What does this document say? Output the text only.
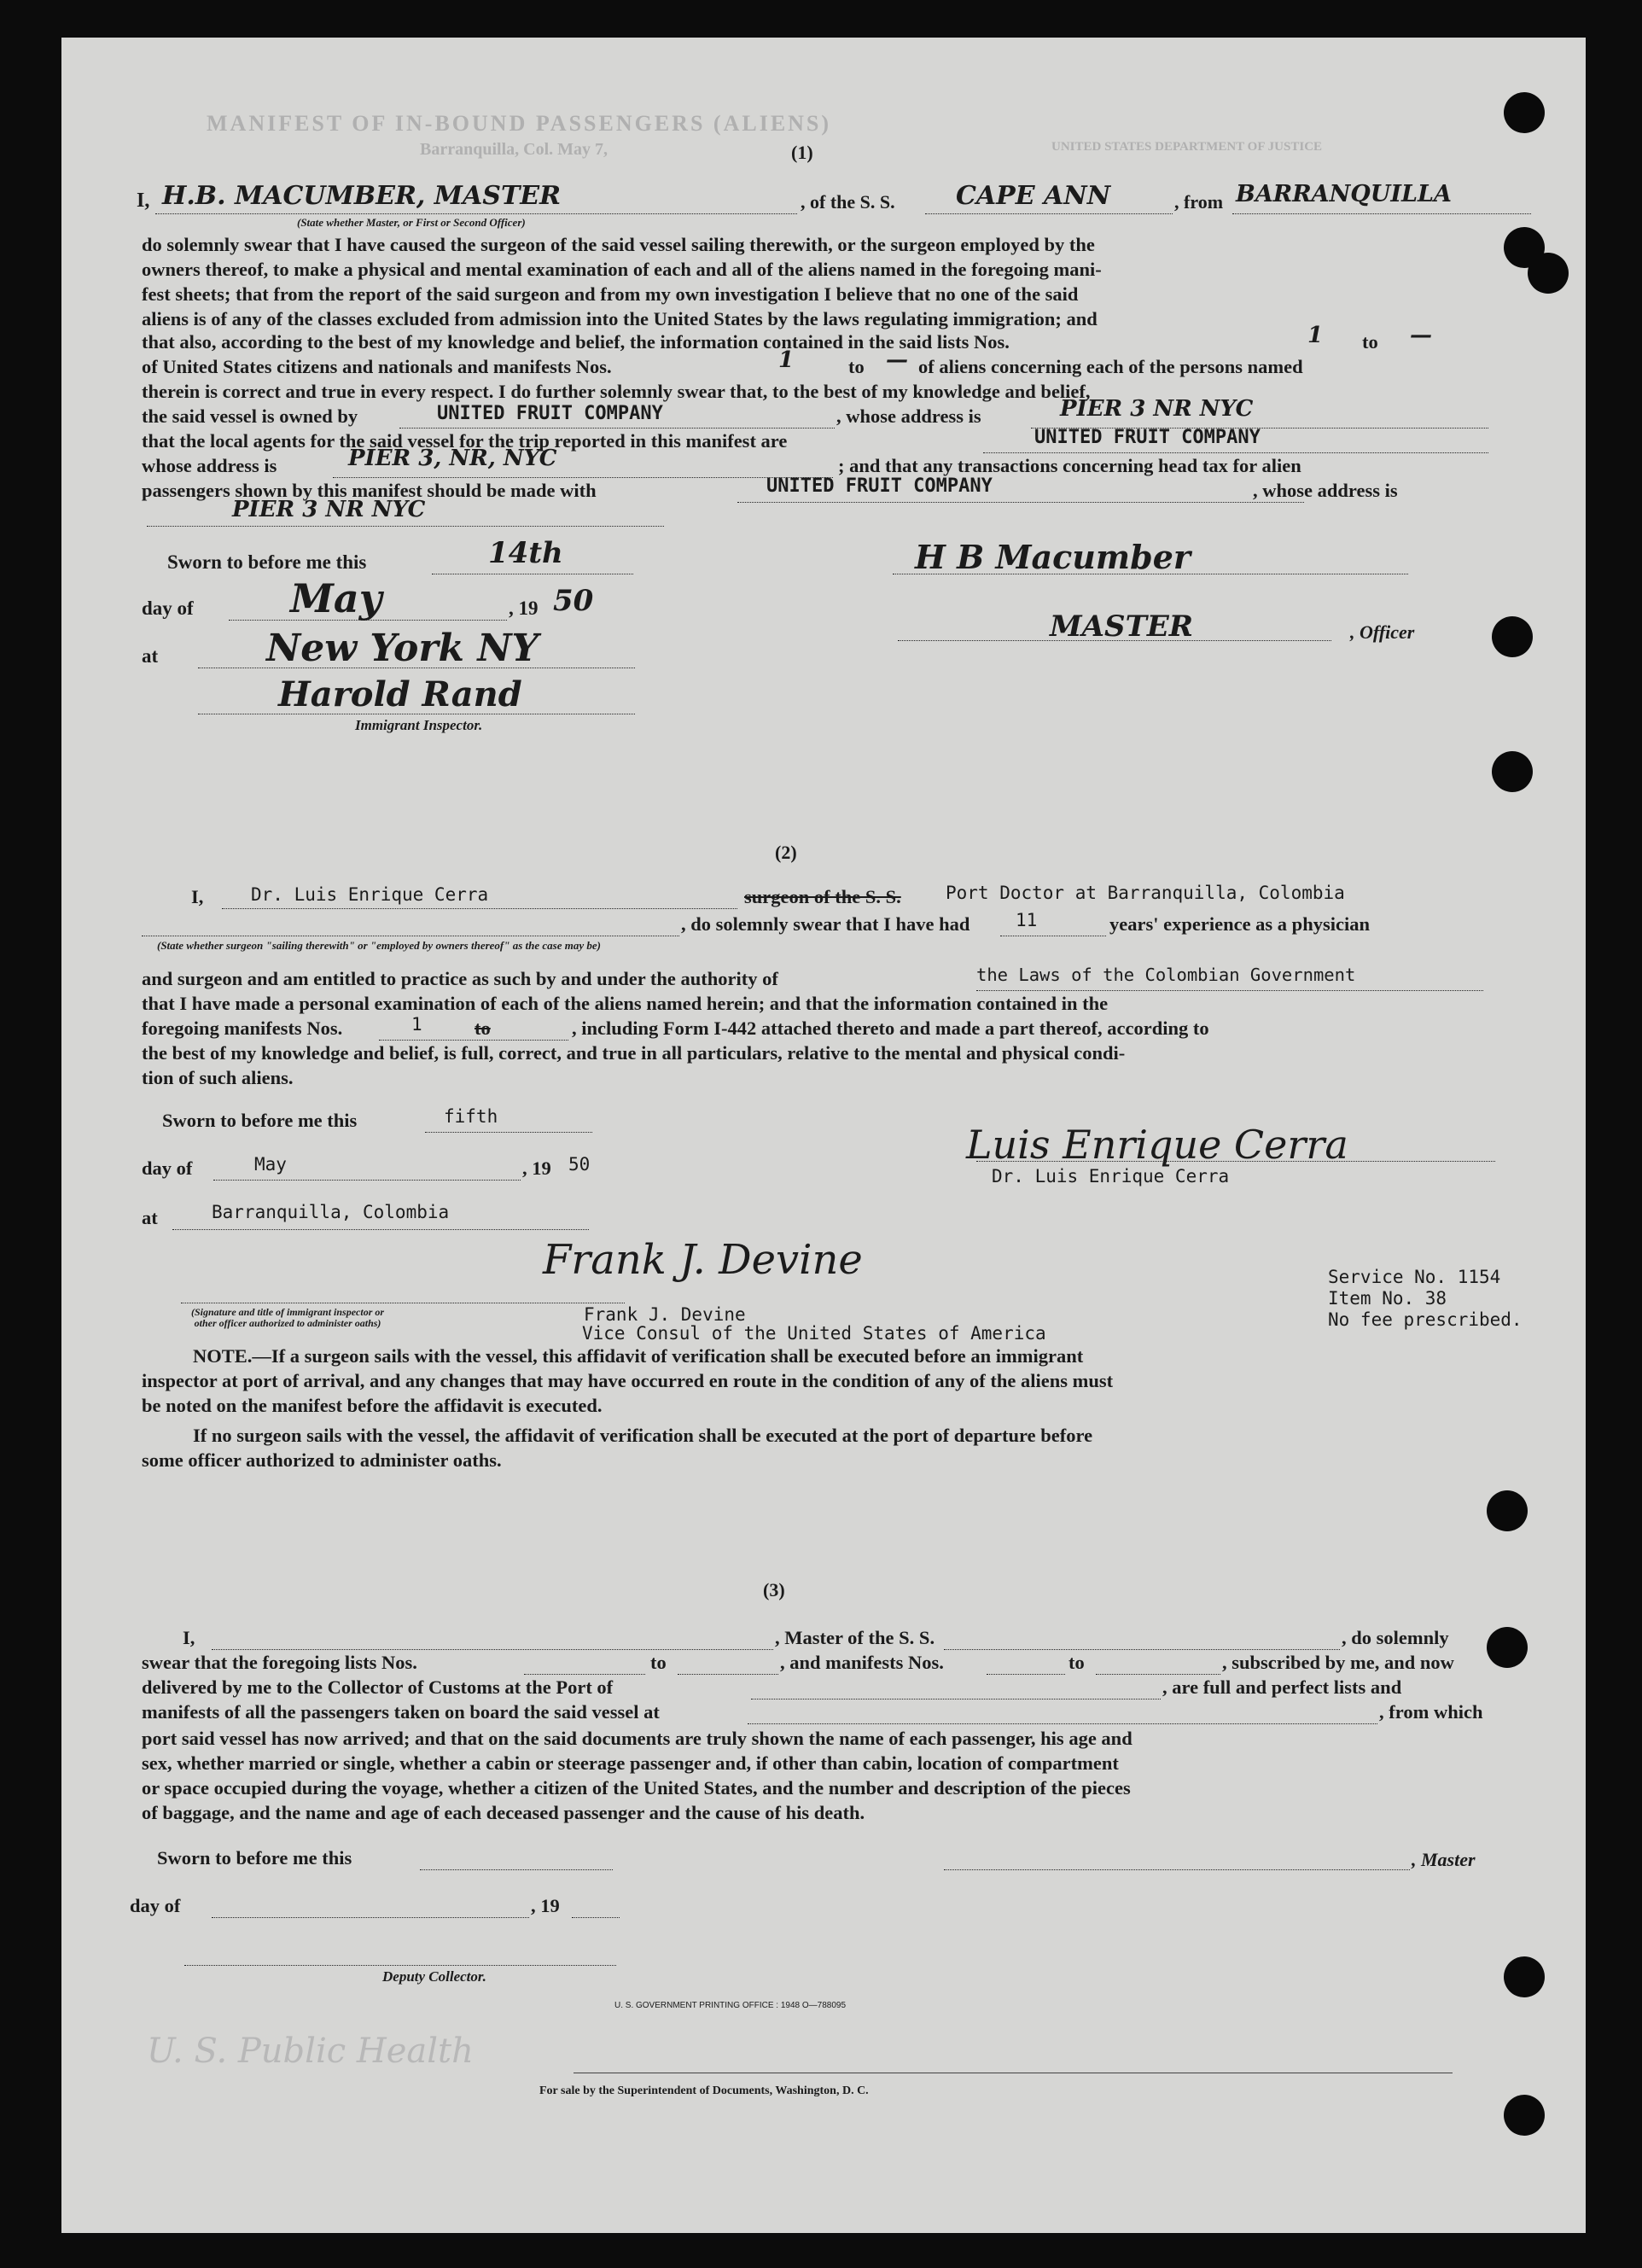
MANIFEST OF IN-BOUND PASSENGERS (ALIENS)
Barranquilla, Col. May 7,	UNITED STATES DEPARTMENT OF JUSTICE
(1)
I, H.B. MACUMBER, MASTER	, of the S. S. CAPE ANN	, from BARRANQUILLA
(State whether Master, or First or Second Officer)
do solemnly swear that I have caused the surgeon of the said vessel sailing therewith, or the surgeon employed by the
owners thereof, to make a physical and mental examination of each and all of the aliens named in the foregoing mani-
fest sheets; that from the report of the said surgeon and from my own investigation I believe that no one of the said
aliens is of any of the classes excluded from admission into the United States by the laws regulating immigration; and
that also, according to the best of my knowledge and belief, the information contained in the said lists Nos.	1 to —
of United States citizens and nationals and manifests Nos.	1	to — of aliens concerning each of the persons named
therein is correct and true in every respect. I do further solemnly swear that, to the best of my knowledge and belief,
the said vessel is owned by	UNITED FRUIT COMPANY	, whose address is	PIER 3 NR NYC
that the local agents for the said vessel for the trip reported in this manifest are	UNITED FRUIT COMPANY
whose address is	PIER 3, NR, NYC	; and that any transactions concerning head tax for alien
passengers shown by this manifest should be made with	UNITED FRUIT COMPANY	, whose address is
PIER 3 NR NYC
Sworn to before me this	14th
day of May	, 19 50
at	New York NY
Harold Rand
Immigrant Inspector.
H B Macumber
MASTER	, Officer
(2)
I,	Dr. Luis Enrique Cerra	surgeon of the S. S. Port Doctor at Barranquilla, Colombia
, do solemnly swear that I have had	11	years' experience as a physician
(State whether surgeon "sailing therewith" or "employed by owners thereof" as the case may be)
and surgeon and am entitled to practice as such by and under the authority of	the Laws of the Colombian Government
that I have made a personal examination of each of the aliens named herein; and that the information contained in the
foregoing manifests Nos.	1	to	, including Form I-442 attached thereto and made a part thereof, according to
the best of my knowledge and belief, is full, correct, and true in all particulars, relative to the mental and physical condi-
tion of such aliens.
Sworn to before me this	fifth
day of	May	, 19 50
at	Barranquilla, Colombia
Luis Enrique Cerra
Dr. Luis Enrique Cerra
Frank J. Devine
(Signature and title of immigrant inspector or
other officer authorized to administer oaths)	Frank J. Devine
Vice Consul of the United States of America
Service No. 1154
Item No. 38
No fee prescribed.
NOTE.—If a surgeon sails with the vessel, this affidavit of verification shall be executed before an immigrant
inspector at port of arrival, and any changes that may have occurred en route in the condition of any of the aliens must
be noted on the manifest before the affidavit is executed.
If no surgeon sails with the vessel, the affidavit of verification shall be executed at the port of departure before
some officer authorized to administer oaths.
(3)
I,	, Master of the S. S.	, do solemnly
swear that the foregoing lists Nos.	to	, and manifests Nos.	to	, subscribed by me, and now
delivered by me to the Collector of Customs at the Port of	, are full and perfect lists and
manifests of all the passengers taken on board the said vessel at	, from which
port said vessel has now arrived; and that on the said documents are truly shown the name of each passenger, his age and
sex, whether married or single, whether a cabin or steerage passenger and, if other than cabin, location of compartment
or space occupied during the voyage, whether a citizen of the United States, and the number and description of the pieces
of baggage, and the name and age of each deceased passenger and the cause of his death.
Sworn to before me this	, Master
day of	, 19
Deputy Collector.
U. S. GOVERNMENT PRINTING OFFICE : 1948 O—788095
U. S. Public Health
For sale by the Superintendent of Documents, Washington, D. C.
